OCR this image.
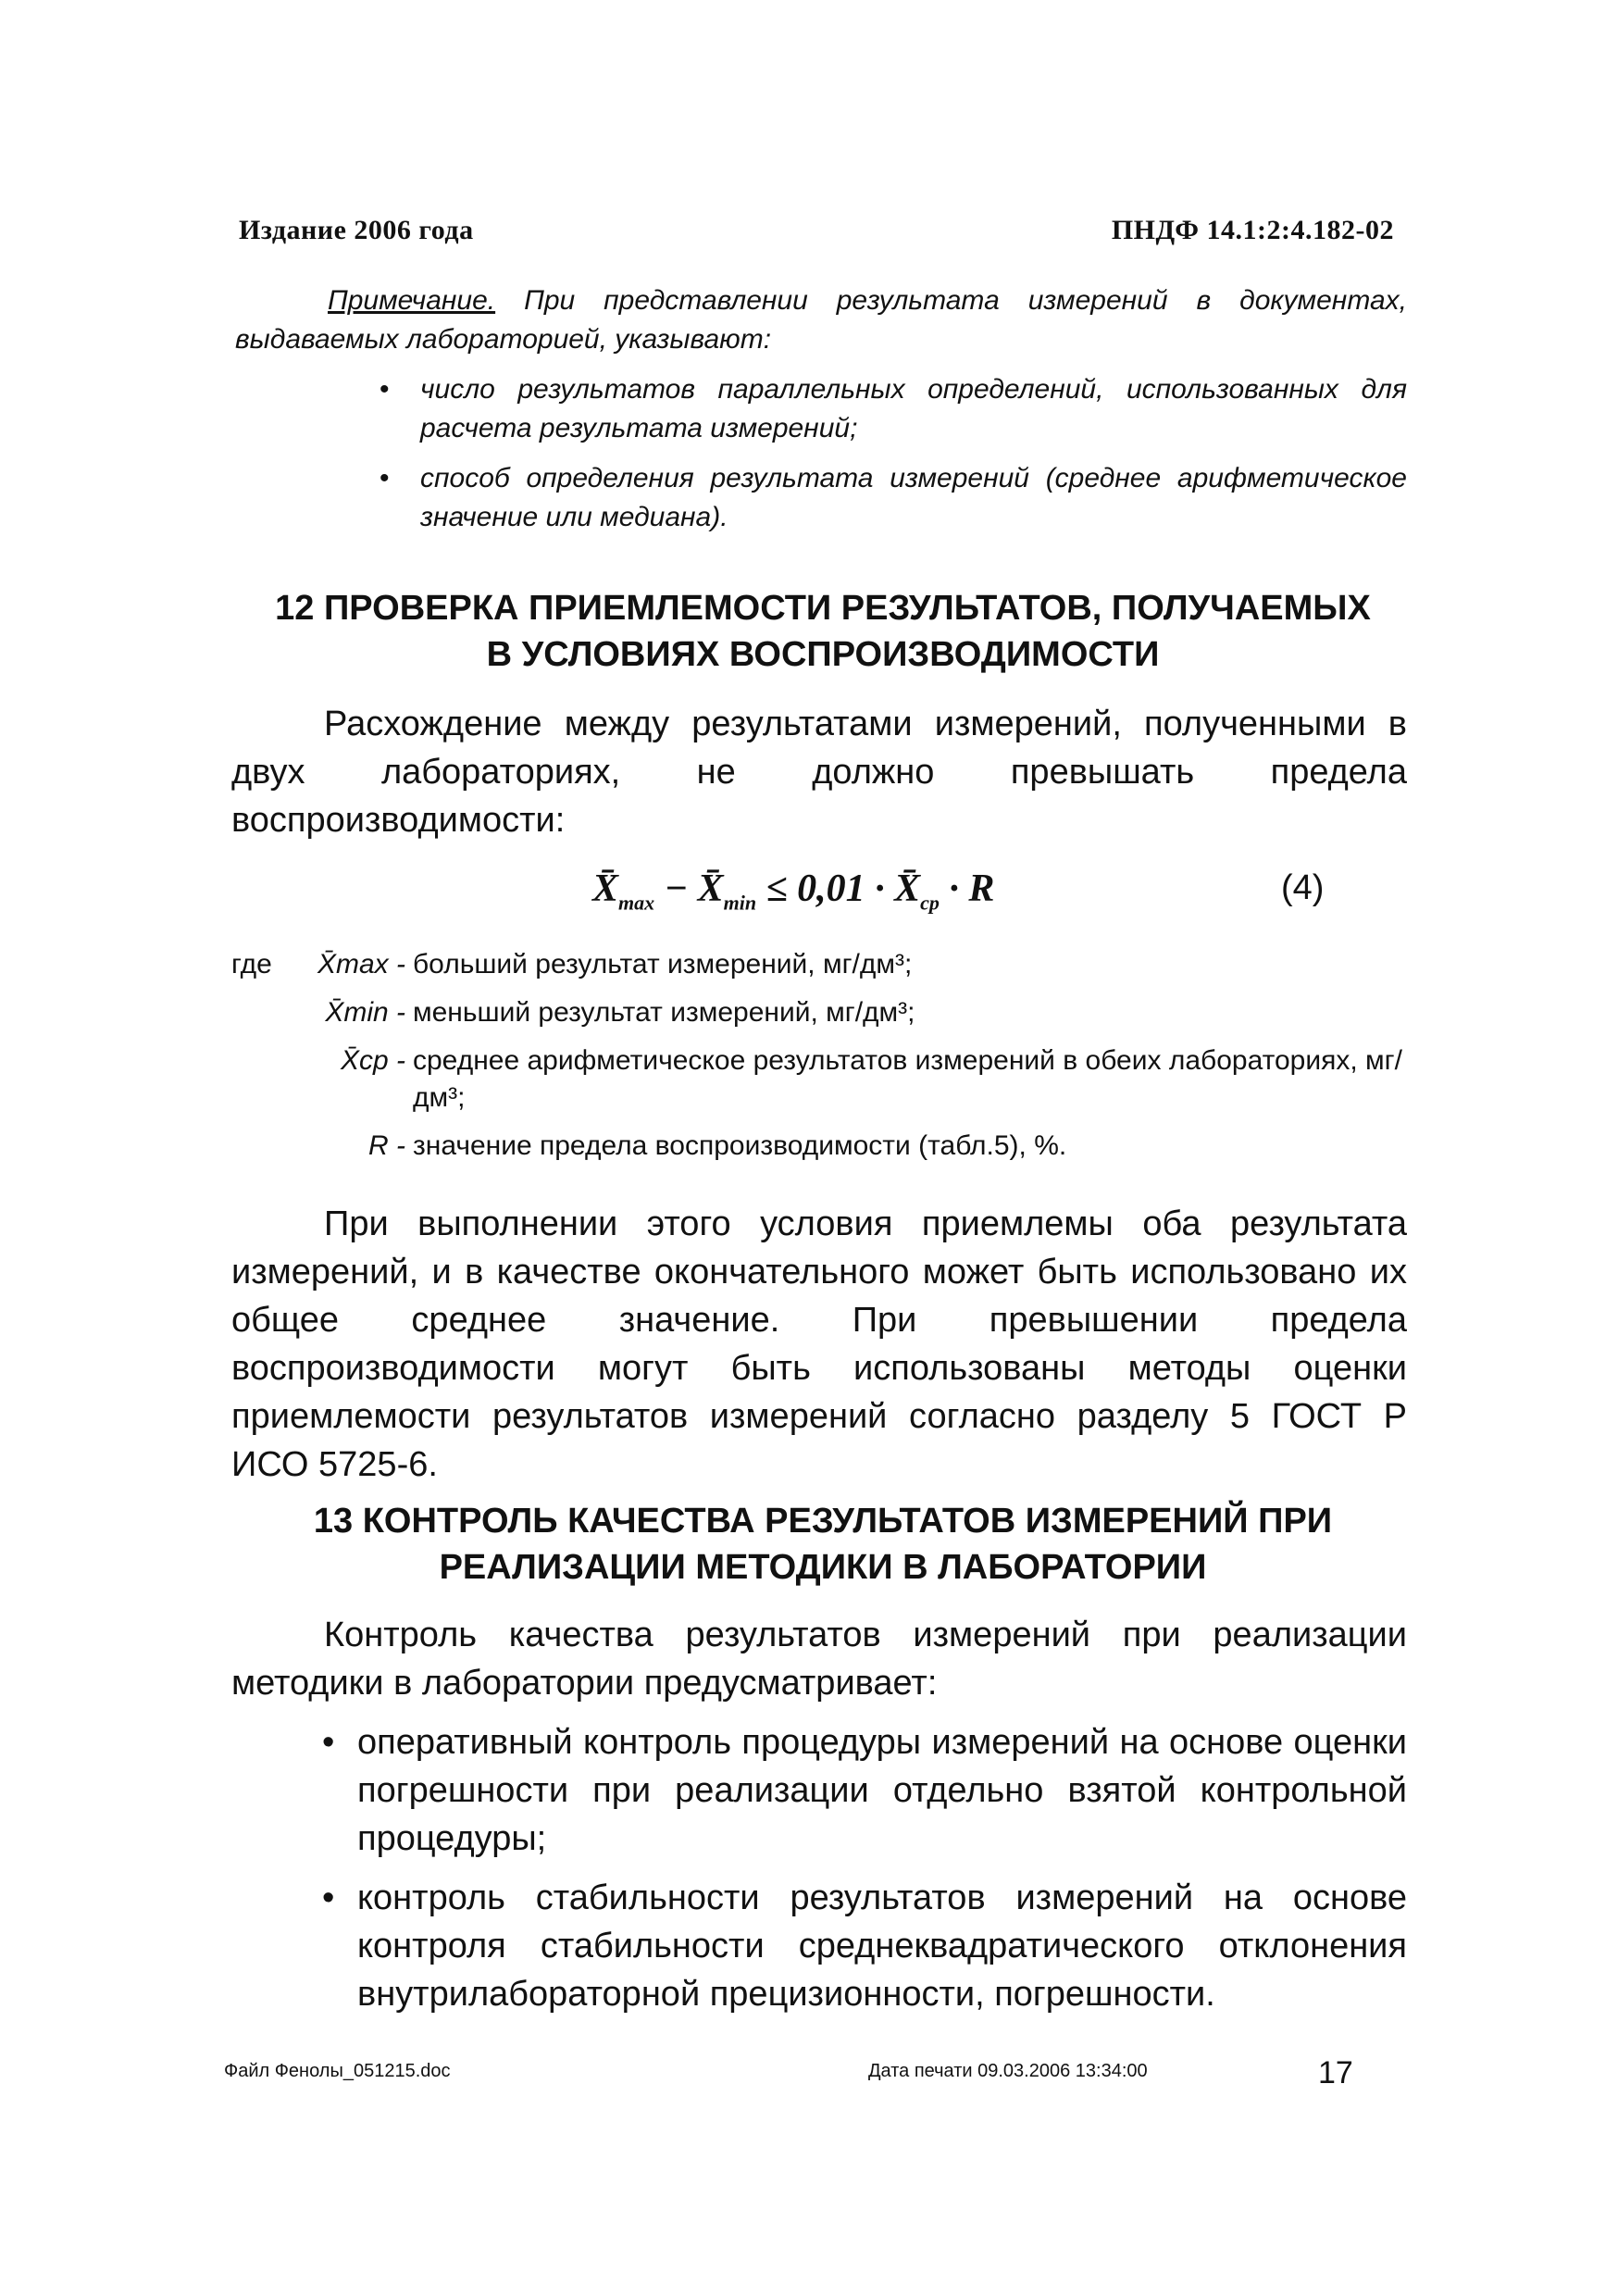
Издание 2006 года	ПНДФ 14.1:2:4.182-02

Примечание. При представлении результата измерений в документах, выдаваемых лабораторией, указывают:

• число результатов параллельных определений, использованных для расчета результата измерений;
• способ определения результата измерений (среднее арифметическое значение или медиана).
12 ПРОВЕРКА ПРИЕМЛЕМОСТИ РЕЗУЛЬТАТОВ, ПОЛУЧАЕМЫХ
В УСЛОВИЯХ ВОСПРОИЗВОДИМОСТИ

Расхождение между результатами измерений, полученными в двух лабораториях, не должно превышать предела воспроизводимости:

$X̄_{max}$ − $X̄_{min} \le 0,01$ · $X̄_{ср} \cdot R$	(4)
где	X̄max - больший результат измерений, мг/дм³;
X̄min - меньший результат измерений, мг/дм³;
X̄ср - среднее арифметическое результатов измерений в обеих лабораториях, мг/дм³;
R - значение предела воспроизводимости (табл.5), %.

При выполнении этого условия приемлемы оба результата измерений, и в качестве окончательного может быть использовано их общее среднее значение. При превышении предела воспроизводимости могут быть использованы методы оценки приемлемости результатов измерений согласно разделу 5 ГОСТ Р ИСО 5725-6.

13 КОНТРОЛЬ КАЧЕСТВА РЕЗУЛЬТАТОВ ИЗМЕРЕНИЙ ПРИ
РЕАЛИЗАЦИИ МЕТОДИКИ В ЛАБОРАТОРИИ

Контроль качества результатов измерений при реализации методики в лаборатории предусматривает:

• оперативный контроль процедуры измерений на основе оценки погрешности при реализации отдельно взятой контрольной процедуры;
• контроль стабильности результатов измерений на основе контроля стабильности среднеквадратического отклонения внутрилабораторной прецизионности, погрешности.
Файл Фенолы_051215.doc	Дата печати 09.03.2006 13:34:00	17
